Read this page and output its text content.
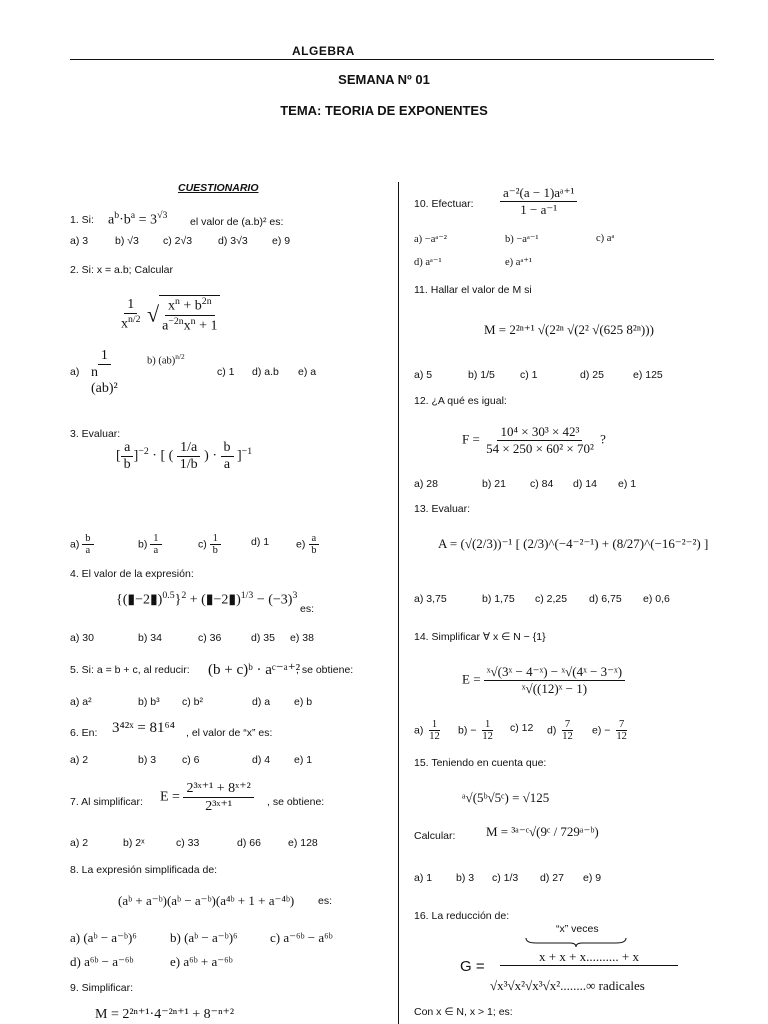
ALGEBRA
SEMANA Nº 01
TEMA: TEORIA DE EXPONENTES
CUESTIONARIO
1. Si: $a^b\cdot b^a = 3^{√3}$
el valor de (a.b)² es:
a) 3	b) √3 c) 2√3 d) 3√3 e) 9
2. Si: x = a.b; Calcular
$\frac{1}{x^{n/2}}$ √ $\frac{x^n + b^{2n}}{a^{-2n}x^n + 1}$
a)
1
n
(ab)²
b) (ab)$^{n/2}$
c) 1 d) a.b e) a
3. Evaluar:
[ $\frac{a}{b} ]^{-2}$ · [ ( $\frac{1/a}{1/b}$ ) · $\frac{b}{a} ]^{-1}$
$a) \frac{b}{a}$	$b) \frac{1}{a}$	$c) \frac{1}{b}$	d) 1	$e) \frac{a}{b}$
4. El valor de la expresión:
{(▮−2▮)$^{0.5}$}$^2$ + (▮−2▮)$^{1/3}$ − $(-3)^3$
es:
a) 30	b) 34	c) 36	d) 35 e) 38
5. Si: a = b + c, al reducir: (b + c)ᵇ · aᶜ⁻ᵃ⁺²
, se obtiene:
a) a²	b) b³ c) b²	d) a e) b
6. En: 3⁴²ˣ = 81⁶⁴ , el valor de “x” es:
a) 2	b) 3 c) 6	d) 4 e) 1
7. Al simplificar: $E = \frac{\text{2³ˣ⁺¹ + 8ˣ⁺²}}{\text{2³ˣ⁺¹}}$ , se obtiene:
a) 2	b) 2ˣ	c) 33	d) 66	e) 128
8. La expresión simplificada de:
(aᵇ + a⁻ᵇ)(aᵇ − a⁻ᵇ)(a⁴ᵇ + 1 + a⁻⁴ᵇ) es:
a) (aᵇ − a⁻ᵇ)⁶	b) (aᵇ − a⁻ᵇ)⁶ c) a⁻⁶ᵇ − a⁶ᵇ
d) a⁶ᵇ − a⁻⁶ᵇ	e) a⁶ᵇ + a⁻⁶ᵇ
9. Simplificar:
M = 2²ⁿ⁺¹·4⁻²ⁿ⁺¹ + 8⁻ⁿ⁺²
10. Efectuar: $\frac{\text{a⁻²(a − 1)aᵃ⁺¹}}{\text{1 − a⁻¹}}$
a) −aᵃ⁻²	b) −aᵃ⁻¹	c) aᵃ
d) aᵃ⁻¹	e) aᵃ⁺¹
11. Hallar el valor de M si
M = 2²ⁿ⁺¹ √(2²ⁿ √(2² √(625 8²ⁿ)))
a) 5	b) 1/5 c) 1	d) 25	e) 125
12. ¿A qué es igual:
$F = \frac{\text{10⁴ × 30³ × 42³}}{\text{54 × 250 × 60² × 70²}}$ ?
a) 28	b) 21 c) 84 d) 14 e) 1
13. Evaluar:
A = (√(2/3))⁻¹ [ (2/3)^(−4⁻²⁻¹) + (8/27)^(−16⁻²⁻²) ]
a) 3,75	b) 1,75 c) 2,25 d) 6,75 e) 0,6
14. Simplificar ∀ x ∈ N − {1}
$E = \frac{\text{ˣ√(3ˣ − 4⁻ˣ) − ˣ√(4ˣ − 3⁻ˣ)}}{\text{ˣ√((12)ˣ − 1)}}$
$a) \frac{1}{12} b) - \frac{1}{12} c$) 12 $d) \frac{7}{12} e) - \frac{7}{12}$
15. Teniendo en cuenta que:
ᵃ√(5ᵇ√5ᶜ) = √125
Calcular: M = ³ᵃ⁻ᶜ√(9ᶜ / 729ᵃ⁻ᵇ)
a) 1 b) 3 c) 1/3 d) 27 e) 9
16. La reducción de:
“x” veces
G =
x + x + x.......... + x
√x³√x²√x³√x²........∞ radicales
Con x ∈ N, x > 1; es:
